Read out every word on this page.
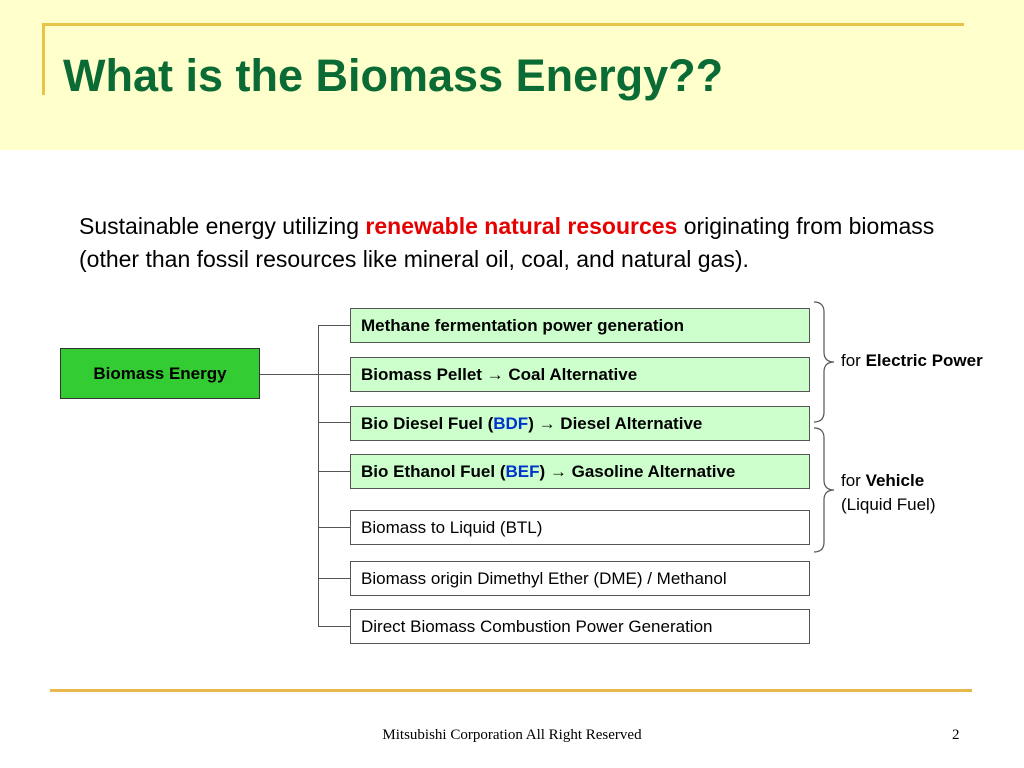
What is the Biomass Energy??
Sustainable energy utilizing renewable natural resources originating from biomass (other than fossil resources like mineral oil, coal, and natural gas).
Biomass Energy
Methane fermentation power generation
Biomass Pellet → Coal Alternative
Bio Diesel Fuel ( BDF ) → Diesel Alternative
Bio Ethanol Fuel ( BEF ) → Gasoline Alternative
Biomass to Liquid (BTL)
Biomass origin Dimethyl Ether (DME) / Methanol
Direct Biomass Combustion Power Generation
for Electric Power
for Vehicle
(Liquid Fuel)
Mitsubishi Corporation All Right Reserved	2
